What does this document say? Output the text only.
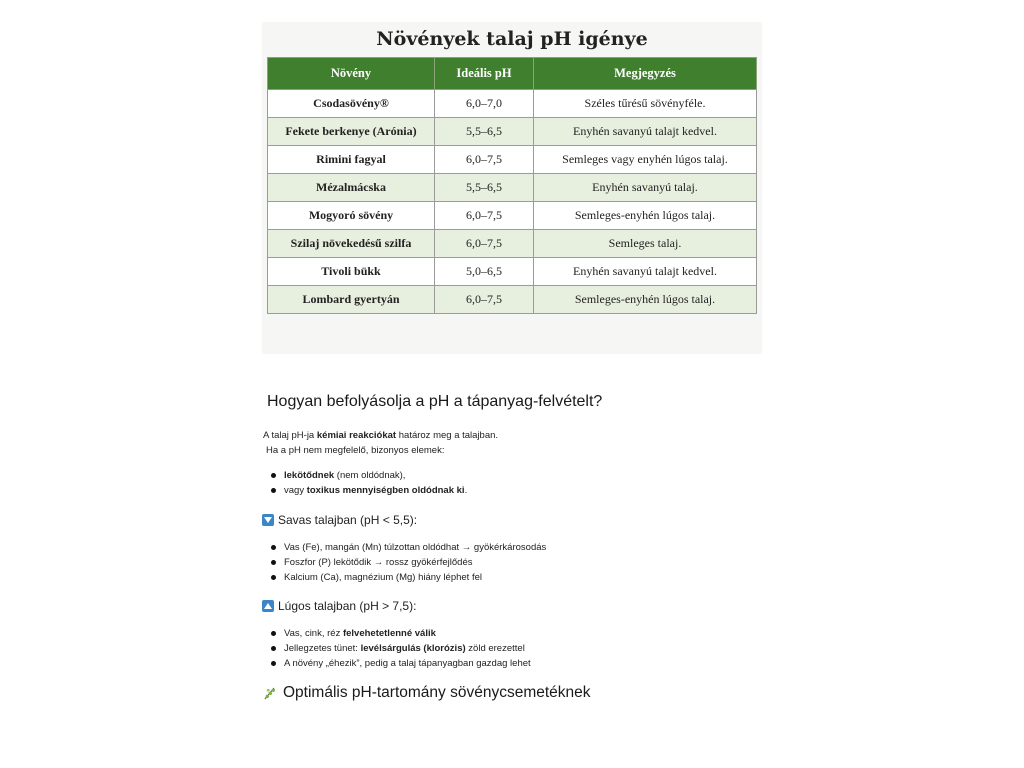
Növények talaj pH igénye
Növény	Ideális pH	Megjegyzés
Csodasövény®	6,0–7,0	Széles tűrésű sövényféle.
Fekete berkenye (Arónia)	5,5–6,5	Enyhén savanyú talajt kedvel.
Rimini fagyal	6,0–7,5	Semleges vagy enyhén lúgos talaj.
Mézalmácska	5,5–6,5	Enyhén savanyú talaj.
Mogyoró sövény	6,0–7,5	Semleges-enyhén lúgos talaj.
Szilaj növekedésű szilfa	6,0–7,5	Semleges talaj.
Tivoli bükk	5,0–6,5	Enyhén savanyú talajt kedvel.
Lombard gyertyán	6,0–7,5	Semleges-enyhén lúgos talaj.
Hogyan befolyásolja a pH a tápanyag-felvételt?
A talaj pH-ja kémiai reakciókat határoz meg a talajban.
Ha a pH nem megfelelő, bizonyos elemek:
lekötődnek (nem oldódnak),
vagy toxikus mennyiségben oldódnak ki.
Savas talajban (pH < 5,5):
Vas (Fe), mangán (Mn) túlzottan oldódhat → gyökérkárosodás
Foszfor (P) lekötődik → rossz gyökérfejlődés
Kalcium (Ca), magnézium (Mg) hiány léphet fel
Lúgos talajban (pH > 7,5):
Vas, cink, réz felvehetetlenné válik
Jellegzetes tünet: levélsárgulás (klorózis) zöld erezettel
A növény „éhezik”, pedig a talaj tápanyagban gazdag lehet
Optimális pH-tartomány sövénycsemetéknek
